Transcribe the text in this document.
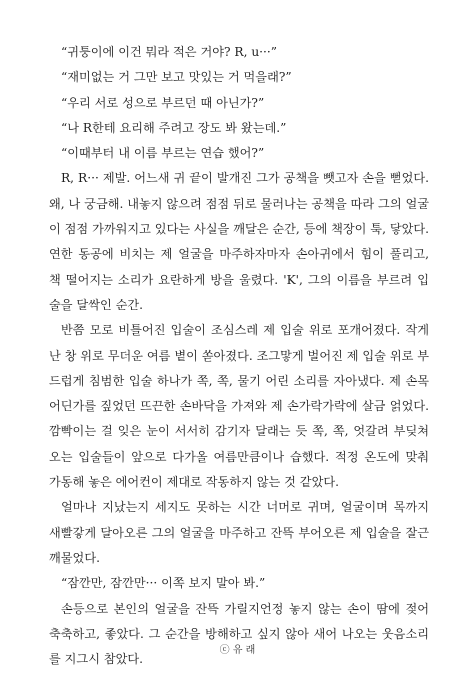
“귀퉁이에 이건 뭐라 적은 거야? R, u···”

“재미없는 거 그만 보고 맛있는 거 먹을래?”

“우리 서로 성으로 부르던 때 아닌가?”

“나 R한테 요리해 주려고 장도 봐 왔는데.”

“이때부터 내 이름 부르는 연습 했어?”

R, R··· 제발. 어느새 귀 끝이 발개진 그가 공책을 뺏고자 손을 뻗었다. 왜, 나 궁금해. 내놓지 않으려 점점 뒤로 물러나는 공책을 따라 그의 얼굴이 점점 가까워지고 있다는 사실을 깨달은 순간, 등에 책장이 툭, 닿았다. 연한 동공에 비치는 제 얼굴을 마주하자마자 손아귀에서 힘이 풀리고, 책 떨어지는 소리가 요란하게 방을 울렸다. 'K', 그의 이름을 부르려 입술을 달싹인 순간.

반쯤 모로 비틀어진 입술이 조심스레 제 입술 위로 포개어졌다. 작게 난 창 위로 무더운 여름 볕이 쏟아졌다. 조그맣게 벌어진 제 입술 위로 부드럽게 침범한 입술 하나가 쪽, 쪽, 물기 어린 소리를 자아냈다. 제 손목 어딘가를 짚었던 뜨끈한 손바닥을 가져와 제 손가락가락에 살금 얽었다. 깜빡이는 걸 잊은 눈이 서서히 감기자 달래는 듯 쪽, 쪽, 엇갈려 부딪쳐 오는 입술들이 앞으로 다가올 여름만큼이나 습했다. 적정 온도에 맞춰 가동해 놓은 에어컨이 제대로 작동하지 않는 것 같았다.

얼마나 지났는지 세지도 못하는 시간 너머로 귀며, 얼굴이며 목까지 새빨갛게 달아오른 그의 얼굴을 마주하고 잔뜩 부어오른 제 입술을 잘근 깨물었다.

“잠깐만, 잠깐만··· 이쪽 보지 말아 봐.”

손등으로 본인의 얼굴을 잔뜩 가릴지언정 놓지 않는 손이 땀에 젖어 축축하고, 좋았다. 그 순간을 방해하고 싶지 않아 새어 나오는 웃음소리를 지그시 참았다.

ⓒ 유 래
